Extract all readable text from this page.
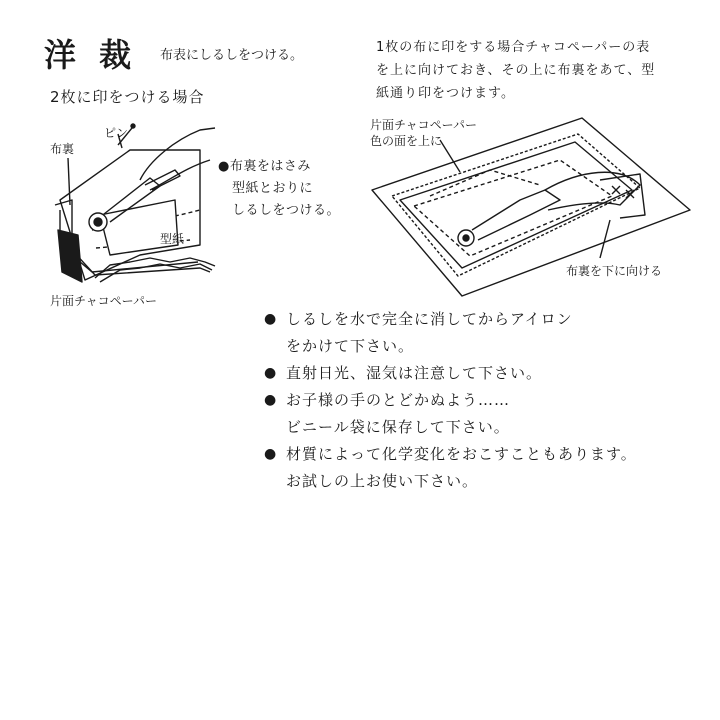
洋 裁 布表にしるしをつける。
2枚に印をつける場合
1枚の布に印をする場合チャコペーパーの表
を上に向けておき、その上に布裏をあて、型
紙通り印をつけます。
ピン
布裏
型紙
片面チャコペーパー
●布裏をはさみ
型紙とおりに
しるしをつける。
片面チャコペーパー
色の面を上に
布裏を下に向ける
● しるしを水で完全に消してからアイロン
をかけて下さい。
● 直射日光、湿気は注意して下さい。
● お子様の手のとどかぬよう……
ビニール袋に保存して下さい。
● 材質によって化学変化をおこすこともあります。
お試しの上お使い下さい。
